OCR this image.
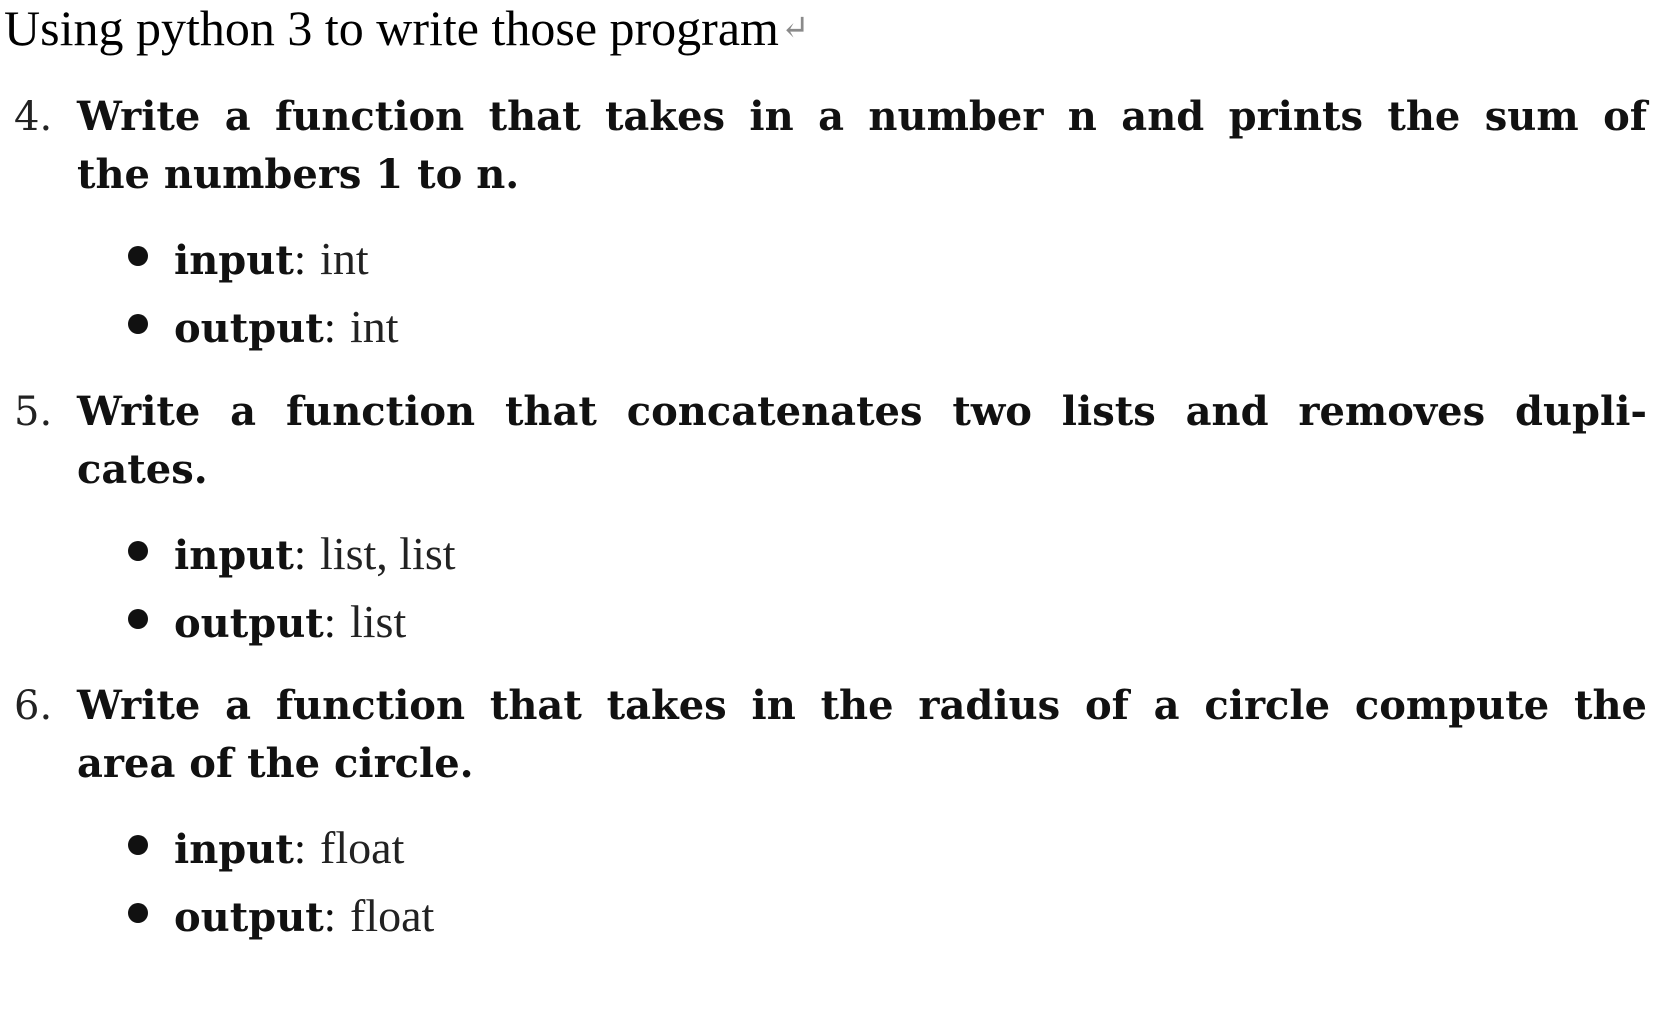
Using python 3 to write those program↵
4. Write a function that takes in a number n and prints the sum of
the numbers 1 to n.
input: int
output: int
5. Write a function that concatenates two lists and removes dupli-
cates.
input: list, list
output: list
6. Write a function that takes in the radius of a circle compute the
area of the circle.
input: float
output: float
